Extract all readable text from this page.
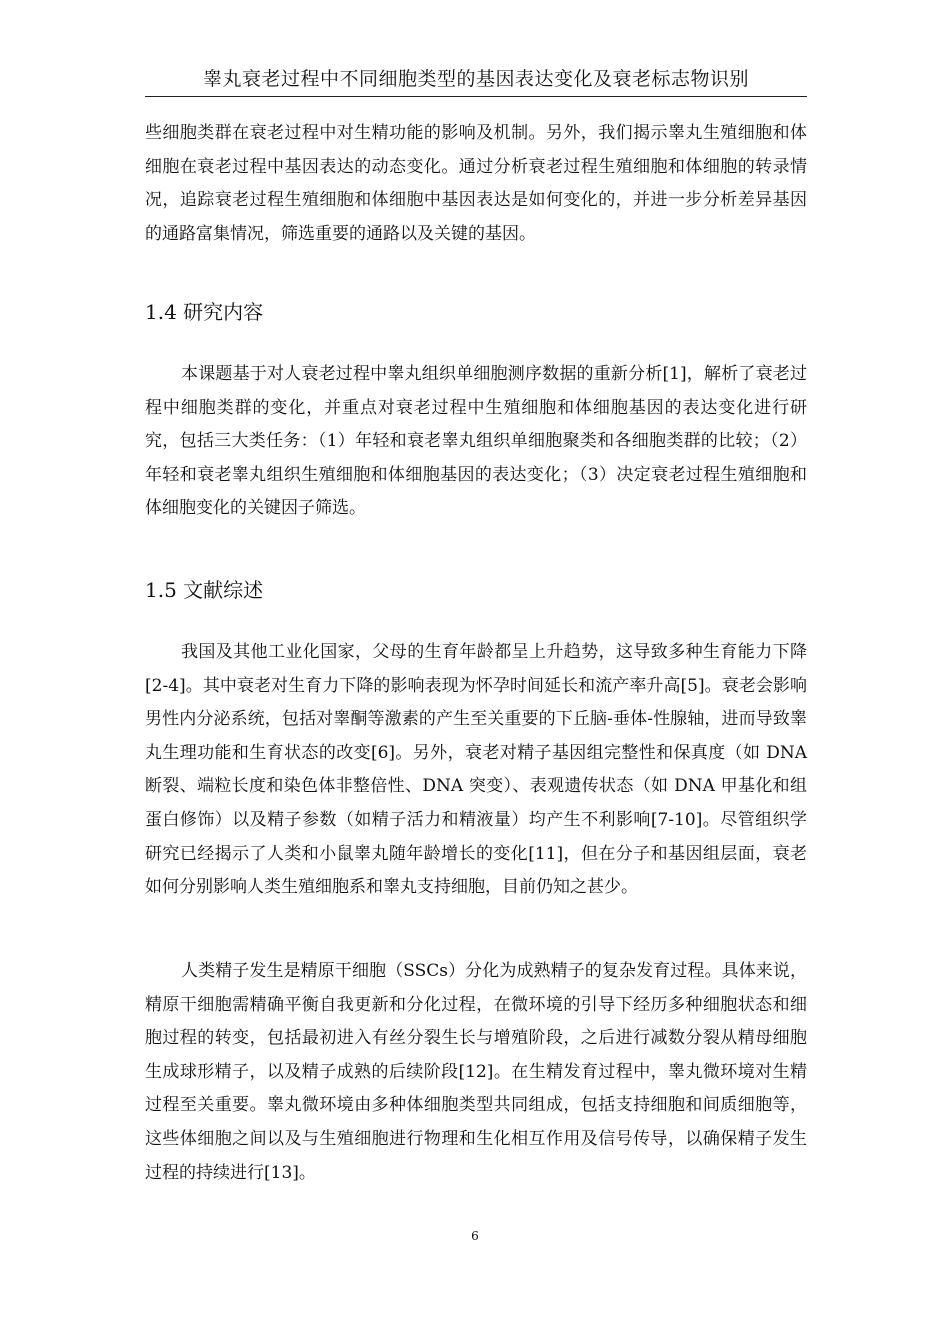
睾丸衰老过程中不同细胞类型的基因表达变化及衰老标志物识别

些细胞类群在衰老过程中对生精功能的影响及机制。另外，我们揭示睾丸生殖细胞和体细胞在衰老过程中基因表达的动态变化。通过分析衰老过程生殖细胞和体细胞的转录情况，追踪衰老过程生殖细胞和体细胞中基因表达是如何变化的，并进一步分析差异基因的通路富集情况，筛选重要的通路以及关键的基因。

1.4 研究内容

本课题基于对人衰老过程中睾丸组织单细胞测序数据的重新分析[1]，解析了衰老过程中细胞类群的变化，并重点对衰老过程中生殖细胞和体细胞基因的表达变化进行研究，包括三大类任务：（1）年轻和衰老睾丸组织单细胞聚类和各细胞类群的比较；（2）年轻和衰老睾丸组织生殖细胞和体细胞基因的表达变化；（3）决定衰老过程生殖细胞和体细胞变化的关键因子筛选。

1.5 文献综述

我国及其他工业化国家，父母的生育年龄都呈上升趋势，这导致多种生育能力下降[2-4]。其中衰老对生育力下降的影响表现为怀孕时间延长和流产率升高[5]。衰老会影响男性内分泌系统，包括对睾酮等激素的产生至关重要的下丘脑-垂体-性腺轴，进而导致睾丸生理功能和生育状态的改变[6]。另外，衰老对精子基因组完整性和保真度（如 DNA 断裂、端粒长度和染色体非整倍性、DNA 突变）、表观遗传状态（如 DNA 甲基化和组蛋白修饰）以及精子参数（如精子活力和精液量）均产生不利影响[7-10]。尽管组织学研究已经揭示了人类和小鼠睾丸随年龄增长的变化[11]，但在分子和基因组层面，衰老如何分别影响人类生殖细胞系和睾丸支持细胞，目前仍知之甚少。

人类精子发生是精原干细胞（SSCs）分化为成熟精子的复杂发育过程。具体来说，精原干细胞需精确平衡自我更新和分化过程，在微环境的引导下经历多种细胞状态和细胞过程的转变，包括最初进入有丝分裂生长与增殖阶段，之后进行减数分裂从精母细胞生成球形精子，以及精子成熟的后续阶段[12]。在生精发育过程中，睾丸微环境对生精过程至关重要。睾丸微环境由多种体细胞类型共同组成，包括支持细胞和间质细胞等，这些体细胞之间以及与生殖细胞进行物理和生化相互作用及信号传导，以确保精子发生过程的持续进行[13]。

6
